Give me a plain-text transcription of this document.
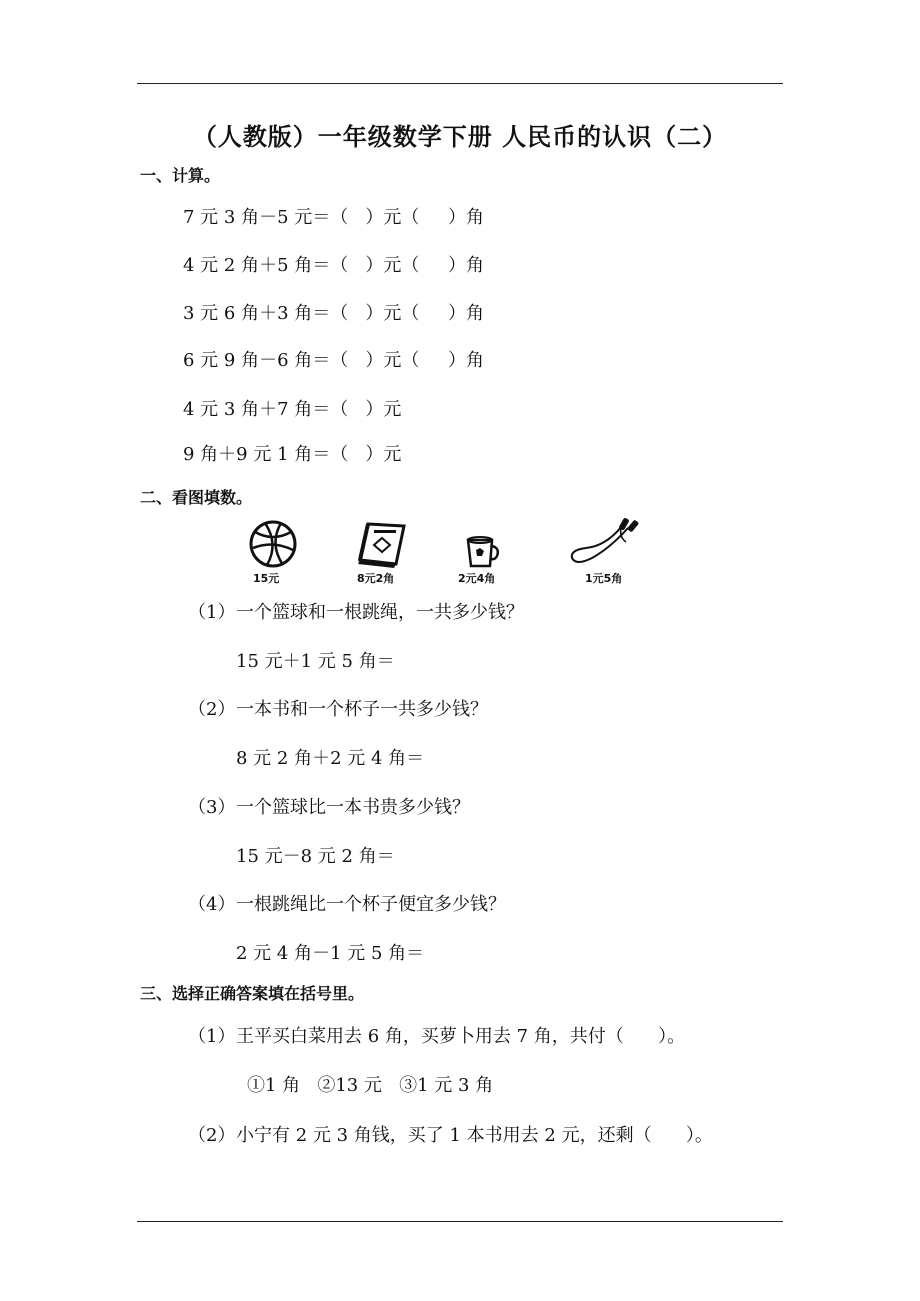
（人教版）一年级数学下册 人民币的认识（二）
一、计算。
7 元 3 角－5 元＝（   ）元（     ）角
4 元 2 角＋5 角＝（   ）元（     ）角
3 元 6 角＋3 角＝（   ）元（     ）角
6 元 9 角－6 角＝（   ）元（     ）角
4 元 3 角＋7 角＝（   ）元
9 角＋9 元 1 角＝（   ）元
二、看图填数。
15元	8元2角	2元4角	1元5角
（1） 一个篮球和一根跳绳，一共多少钱？
15 元＋1 元 5 角＝
（2） 一本书和一个杯子一共多少钱？
8 元 2 角＋2 元 4 角＝
（3） 一个篮球比一本书贵多少钱？
15 元－8 元 2 角＝
（4） 一根跳绳比一个杯子便宜多少钱？
2 元 4 角－1 元 5 角＝
三、选择正确答案填在括号里。
（1） 王平买白菜用去 6 角，买萝卜用去 7 角，共付（      ）。
①1 角   ②13 元   ③1 元 3 角
（2） 小宁有 2 元 3 角钱，买了 1 本书用去 2 元，还剩（      ）。
